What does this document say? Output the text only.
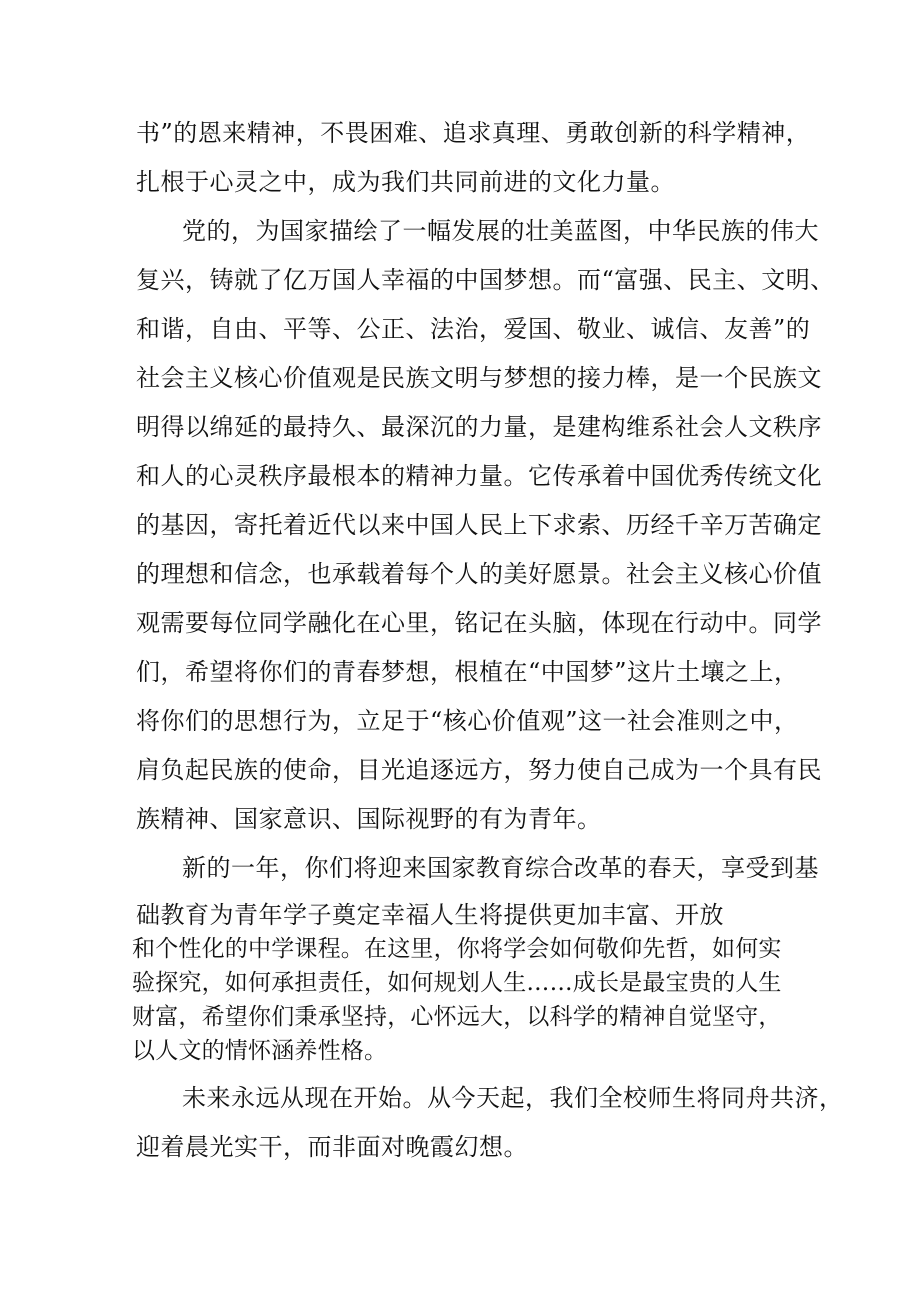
书”的恩来精神，不畏困难、追求真理、勇敢创新的科学精神，
扎根于心灵之中，成为我们共同前进的文化力量。
党的，为国家描绘了一幅发展的壮美蓝图，中华民族的伟大
复兴，铸就了亿万国人幸福的中国梦想。而“富强、民主、文明、
和谐，自由、平等、公正、法治，爱国、敬业、诚信、友善”的
社会主义核心价值观是民族文明与梦想的接力棒，是一个民族文
明得以绵延的最持久、最深沉的力量，是建构维系社会人文秩序
和人的心灵秩序最根本的精神力量。它传承着中国优秀传统文化
的基因，寄托着近代以来中国人民上下求索、历经千辛万苦确定
的理想和信念，也承载着每个人的美好愿景。社会主义核心价值
观需要每位同学融化在心里，铭记在头脑，体现在行动中。同学
们，希望将你们的青春梦想，根植在“中国梦”这片土壤之上，
将你们的思想行为，立足于“核心价值观”这一社会准则之中，
肩负起民族的使命，目光追逐远方，努力使自己成为一个具有民
族精神、国家意识、国际视野的有为青年。
新的一年，你们将迎来国家教育综合改革的春天，享受到基
础教育为青年学子奠定幸福人生将提供更加丰富、开放
和个性化的中学课程。在这里，你将学会如何敬仰先哲，如何实
验探究，如何承担责任，如何规划人生……成长是最宝贵的人生
财富，希望你们秉承坚持，心怀远大，以科学的精神自觉坚守，
以人文的情怀涵养性格。
未来永远从现在开始。从今天起，我们全校师生将同舟共济，
迎着晨光实干，而非面对晚霞幻想。
